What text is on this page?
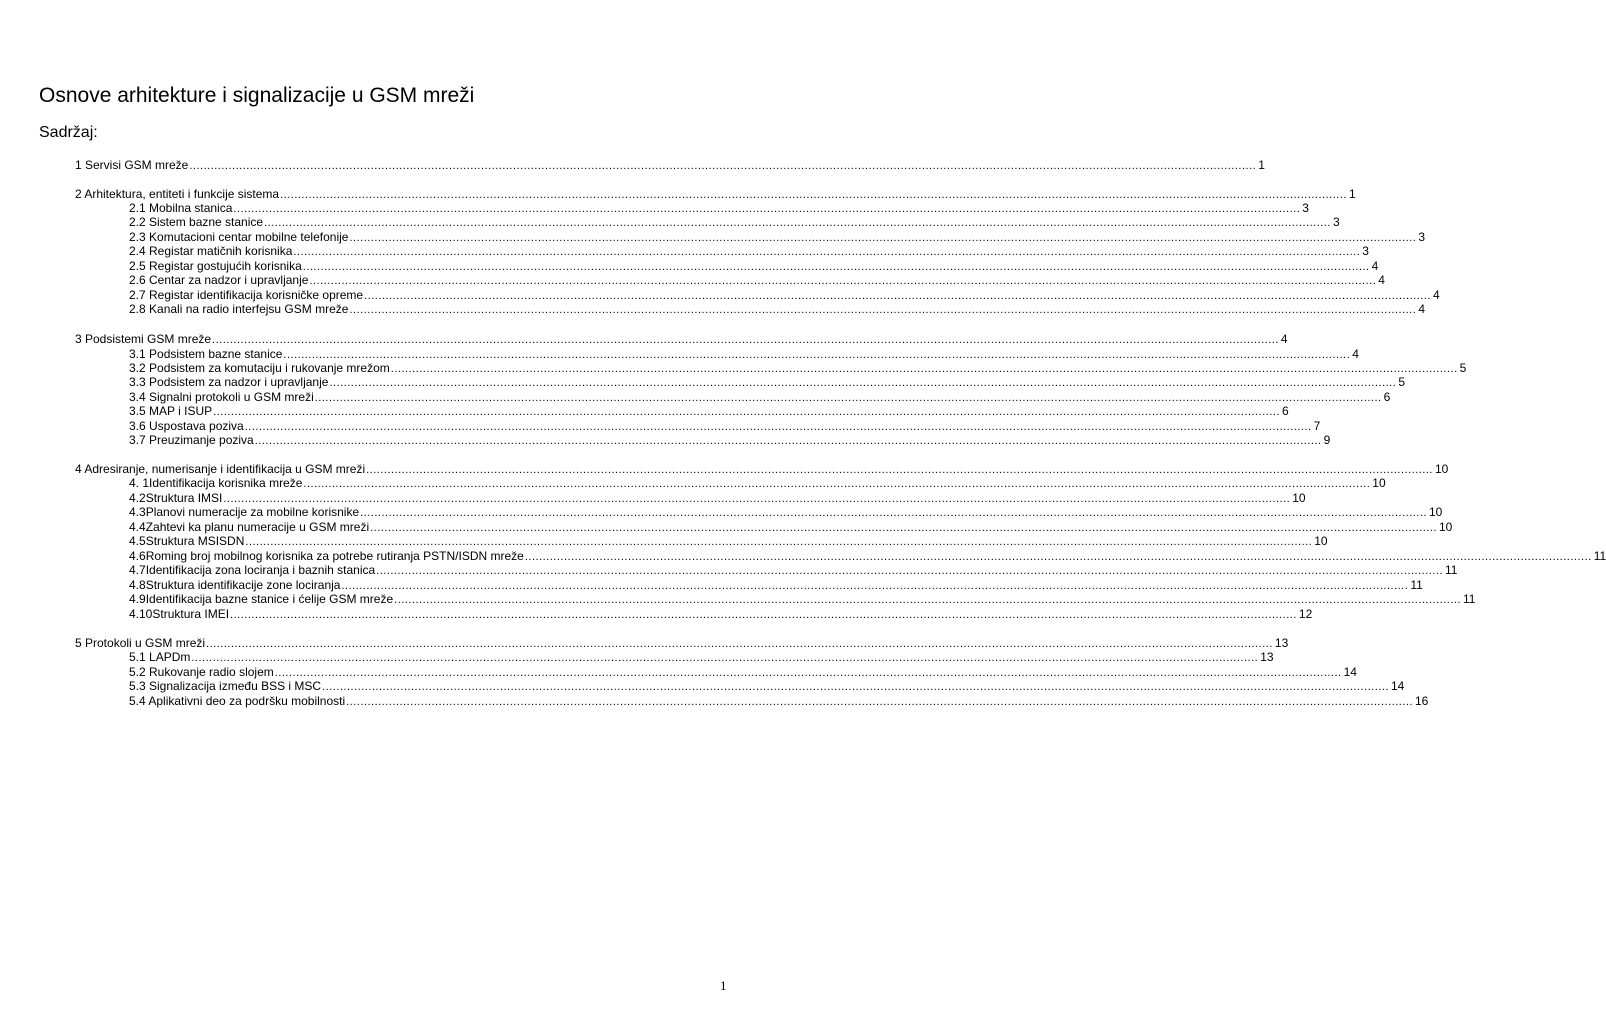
Osnove arhitekture i signalizacije u GSM mreži
Sadržaj:
1 Servisi GSM mreže ............................................................................................................................................................................................................................................................................................................ 1
2 Arhitektura, entiteti i funkcije sistema ............................................................................................................................................................................................................................................................................................................ 1
2.1 Mobilna stanica ............................................................................................................................................................................................................................................................................................................ 3
2.2 Sistem bazne stanice ............................................................................................................................................................................................................................................................................................................ 3
2.3 Komutacioni centar mobilne telefonije ............................................................................................................................................................................................................................................................................................................ 3
2.4 Registar matičnih korisnika ............................................................................................................................................................................................................................................................................................................ 3
2.5 Registar gostujućih korisnika ............................................................................................................................................................................................................................................................................................................ 4
2.6 Centar za nadzor i upravljanje ............................................................................................................................................................................................................................................................................................................ 4
2.7 Registar identifikacija korisničke opreme ............................................................................................................................................................................................................................................................................................................ 4
2.8 Kanali na radio interfejsu GSM mreže ............................................................................................................................................................................................................................................................................................................ 4
3 Podsistemi GSM mreže ............................................................................................................................................................................................................................................................................................................ 4
3.1 Podsistem bazne stanice ............................................................................................................................................................................................................................................................................................................ 4
3.2 Podsistem za komutaciju i rukovanje mrežom ............................................................................................................................................................................................................................................................................................................ 5
3.3 Podsistem za nadzor i upravljanje ............................................................................................................................................................................................................................................................................................................ 5
3.4 Signalni protokoli u GSM mreži ............................................................................................................................................................................................................................................................................................................ 6
3.5 MAP i ISUP ............................................................................................................................................................................................................................................................................................................ 6
3.6 Uspostava poziva ............................................................................................................................................................................................................................................................................................................ 7
3.7 Preuzimanje poziva ............................................................................................................................................................................................................................................................................................................ 9
4 Adresiranje, numerisanje i identifikacija u GSM mreži ............................................................................................................................................................................................................................................................................................................ 10
4. 1 Identifikacija korisnika mreže ............................................................................................................................................................................................................................................................................................................ 10
4.2 Struktura IMSI ............................................................................................................................................................................................................................................................................................................ 10
4.3 Planovi numeracije za mobilne korisnike ............................................................................................................................................................................................................................................................................................................ 10
4.4 Zahtevi ka planu numeracije u GSM mreži ............................................................................................................................................................................................................................................................................................................ 10
4.5 Struktura MSISDN ............................................................................................................................................................................................................................................................................................................ 10
4.6 Roming broj mobilnog korisnika za potrebe rutiranja PSTN/ISDN mreže ............................................................................................................................................................................................................................................................................................................ 11
4.7 Identifikacija zona lociranja i baznih stanica ............................................................................................................................................................................................................................................................................................................ 11
4.8 Struktura identifikacije zone lociranja ............................................................................................................................................................................................................................................................................................................ 11
4.9 Identifikacija bazne stanice i ćelije GSM mreže ............................................................................................................................................................................................................................................................................................................ 11
4.10 Struktura IMEI ............................................................................................................................................................................................................................................................................................................ 12
5 Protokoli u GSM mreži ............................................................................................................................................................................................................................................................................................................ 13
5.1 LAPDm ............................................................................................................................................................................................................................................................................................................ 13
5.2 Rukovanje radio slojem ............................................................................................................................................................................................................................................................................................................ 14
5.3 Signalizacija između BSS i MSC ............................................................................................................................................................................................................................................................................................................ 14
5.4 Aplikativni deo za podršku mobilnosti ............................................................................................................................................................................................................................................................................................................ 16
1
